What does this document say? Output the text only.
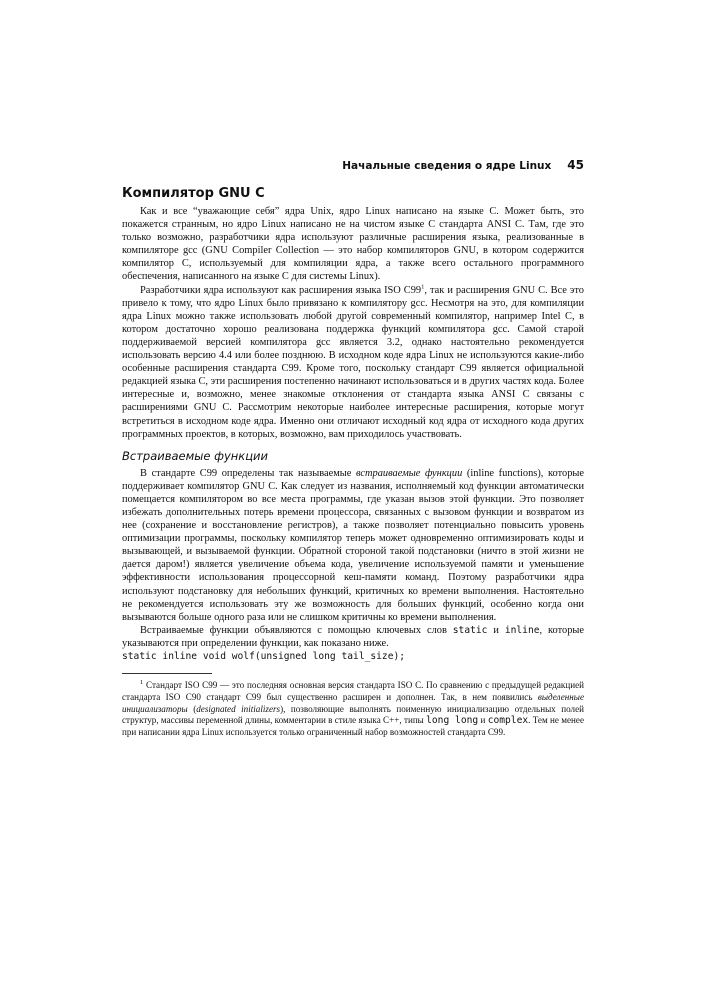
Начальные сведения о ядре Linux 45
Компилятор GNU C

Как и все “уважающие себя” ядра Unix, ядро Linux написано на языке C. Может быть, это покажется странным, но ядро Linux написано не на чистом языке C стандарта ANSI C. Там, где это только возможно, разработчики ядра используют различные расширения языка, реализованные в компиляторе gcc (GNU Compiler Collection — это набор компиляторов GNU, в котором содержится компилятор C, используемый для компиляции ядра, а также всего остального программного обеспечения, написанного на языке C для системы Linux).

Разработчики ядра используют как расширения языка ISO $C99^1$, так и расширения GNU C. Все это привело к тому, что ядро Linux было привязано к компилятору gcc. Несмотря на это, для компиляции ядра Linux можно также использовать любой другой современный компилятор, например Intel C, в котором достаточно хорошо реализована поддержка функций компилятора gcc. Самой старой поддерживаемой версией компилятора gcc является 3.2, однако настоятельно рекомендуется использовать версию 4.4 или более позднюю. В исходном коде ядра Linux не используются какие-либо особенные расширения стандарта C99. Кроме того, поскольку стандарт C99 является официальной редакцией языка C, эти расширения постепенно начинают использоваться и в других частях кода. Более интересные и, возможно, менее знакомые отклонения от стандарта языка ANSI C связаны с расширениями GNU C. Рассмотрим некоторые наиболее интересные расширения, которые могут встретиться в исходном коде ядра. Именно они отличают исходный код ядра от исходного кода других программных проектов, в которых, возможно, вам приходилось участвовать.

Встраиваемые функции

В стандарте C99 определены так называемые встраиваемые функции (inline functions), которые поддерживает компилятор GNU C. Как следует из названия, исполняемый код функции автоматически помещается компилятором во все места программы, где указан вызов этой функции. Это позволяет избежать дополнительных потерь времени процессора, связанных с вызовом функции и возвратом из нее (сохранение и восстановление регистров), а также позволяет потенциально повысить уровень оптимизации программы, поскольку компилятор теперь может одновременно оптимизировать коды и вызывающей, и вызываемой функции. Обратной стороной такой подстановки (ничто в этой жизни не дается даром!) является увеличение объема кода, увеличение используемой памяти и уменьшение эффективности использования процессорной кеш-памяти команд. Поэтому разработчики ядра используют подстановку для небольших функций, критичных ко времени выполнения. Настоятельно не рекомендуется использовать эту же возможность для больших функций, особенно когда они вызываются больше одного раза или не слишком критичны ко времени выполнения.

Встраиваемые функции объявляются с помощью ключевых слов static и inline, которые указываются при определении функции, как показано ниже.

static inline void wolf(unsigned long tail_size);

$^1$ Стандарт ISO C99 — это последняя основная версия стандарта ISO C. По сравнению с предыдущей редакцией стандарта ISO C90 стандарт C99 был существенно расширен и дополнен. Так, в нем появились выделенные инициализаторы (designated initializers), позволяющие выполнять поименную инициализацию отдельных полей структур, массивы переменной длины, комментарии в стиле языка C++, типы long long и complex. Тем не менее при написании ядра Linux используется только ограниченный набор возможностей стандарта C99.
